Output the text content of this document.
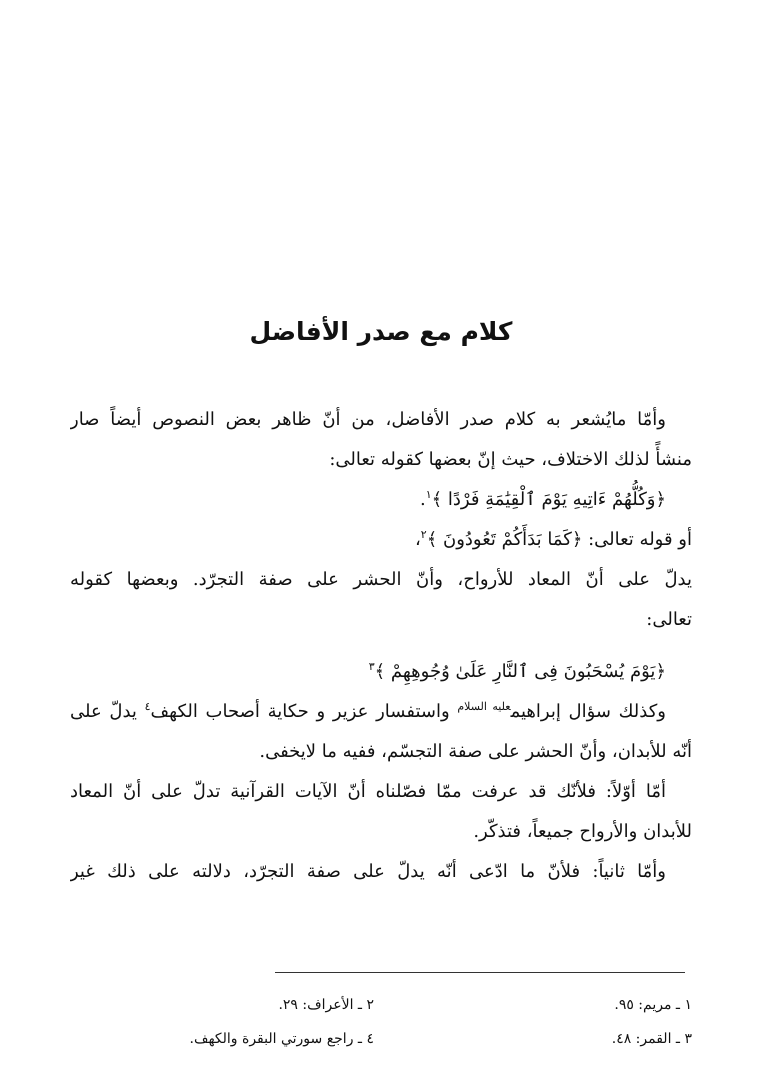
كلام مع صدر الأفاضل
وأمّا مايُشعر به كلام صدر الأفاضل، من أنّ ظاهر بعض النصوص أيضاً صار
منشأً لذلك الاختلاف، حيث إنّ بعضها كقوله تعالى:
﴿وَكُلُّهُمْ ءَاتِيهِ يَوْمَ ٱلْقِيَٰمَةِ فَرْدًا ﴾$^١$.
أو قوله تعالى: ﴿كَمَا بَدَأَكُمْ تَعُودُونَ ﴾$^٢$،
يدلّ على أنّ المعاد للأرواح، وأنّ الحشر على صفة التجرّد. وبعضها كقوله
تعالى:
﴿يَوْمَ يُسْحَبُونَ فِى ٱلنَّارِ عَلَىٰ وُجُوهِهِمْ ﴾$^٣$
وكذلك سؤال إبراهيم$^{عليه السلام}$ واستفسار عزير و حكاية أصحاب الكهف$^٤$ يدلّ على
أنّه للأبدان، وأنّ الحشر على صفة التجسّم، ففيه ما لايخفى.
أمّا أوّلاً: فلأنّك قد عرفت ممّا فصّلناه أنّ الآيات القرآنية تدلّ على أنّ المعاد
للأبدان والأرواح جميعاً، فتذكّر.
وأمّا ثانياً: فلأنّ ما ادّعى أنّه يدلّ على صفة التجرّد، دلالته على ذلك غير
١ ـ مريم: ٩٥.
٢ ـ الأعراف: ٢٩.
٣ ـ القمر: ٤٨.
٤ ـ راجع سورتي البقرة والكهف.
